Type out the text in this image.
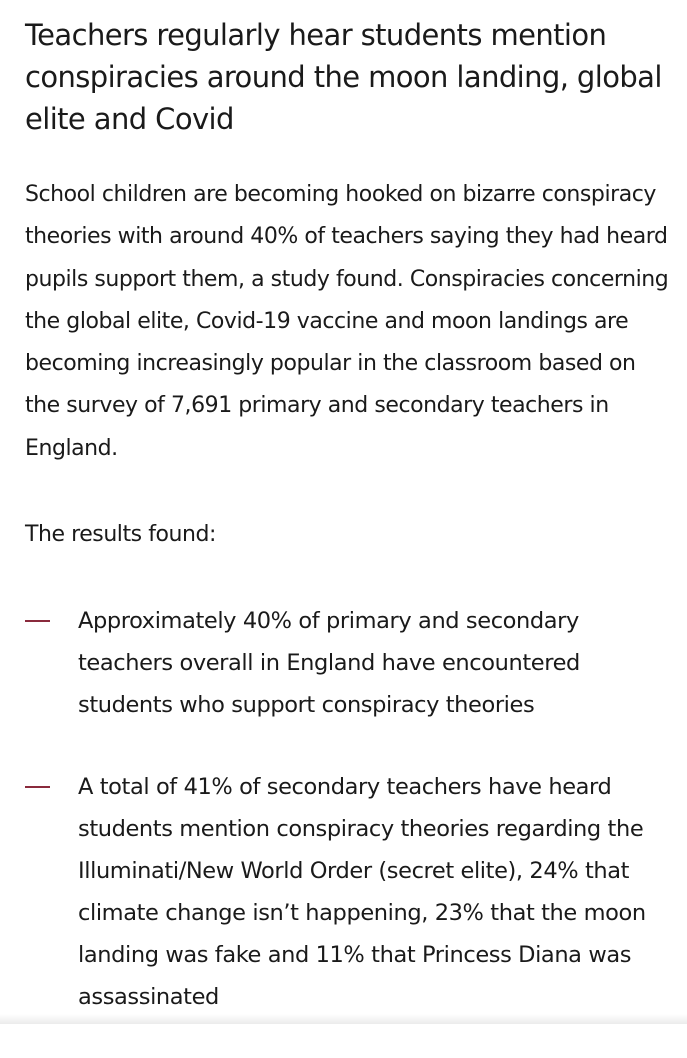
Teachers regularly hear students mention conspiracies around the moon landing, global elite and Covid

School children are becoming hooked on bizarre conspiracy theories with around 40% of teachers saying they had heard pupils support them, a study found. Conspiracies concerning the global elite, Covid-19 vaccine and moon landings are becoming increasingly popular in the classroom based on the survey of 7,691 primary and secondary teachers in England.

The results found:

Approximately 40% of primary and secondary teachers overall in England have encountered students who support conspiracy theories
A total of 41% of secondary teachers have heard students mention conspiracy theories regarding the Illuminati/New World Order (secret elite), 24% that climate change isn’t happening, 23% that the moon landing was fake and 11% that Princess Diana was assassinated
